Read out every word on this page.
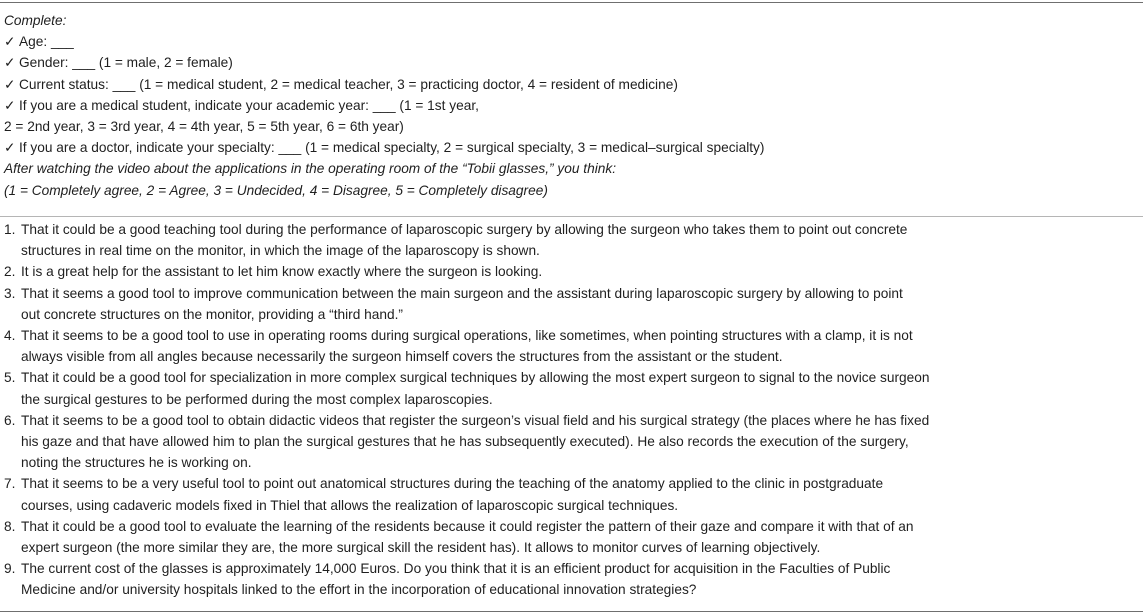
Complete:
✓ Age: ___
✓ Gender: ___ (1 = male, 2 = female)
✓ Current status: ___ (1 = medical student, 2 = medical teacher, 3 = practicing doctor, 4 = resident of medicine)
✓ If you are a medical student, indicate your academic year: ___ (1 = 1st year,
2 = 2nd year, 3 = 3rd year, 4 = 4th year, 5 = 5th year, 6 = 6th year)
✓ If you are a doctor, indicate your specialty: ___ (1 = medical specialty, 2 = surgical specialty, 3 = medical–surgical specialty)
After watching the video about the applications in the operating room of the “Tobii glasses,” you think:
(1 = Completely agree, 2 = Agree, 3 = Undecided, 4 = Disagree, 5 = Completely disagree)
1. That it could be a good teaching tool during the performance of laparoscopic surgery by allowing the surgeon who takes them to point out concrete
structures in real time on the monitor, in which the image of the laparoscopy is shown.
2. It is a great help for the assistant to let him know exactly where the surgeon is looking.
3. That it seems a good tool to improve communication between the main surgeon and the assistant during laparoscopic surgery by allowing to point
out concrete structures on the monitor, providing a “third hand.”
4. That it seems to be a good tool to use in operating rooms during surgical operations, like sometimes, when pointing structures with a clamp, it is not
always visible from all angles because necessarily the surgeon himself covers the structures from the assistant or the student.
5. That it could be a good tool for specialization in more complex surgical techniques by allowing the most expert surgeon to signal to the novice surgeon
the surgical gestures to be performed during the most complex laparoscopies.
6. That it seems to be a good tool to obtain didactic videos that register the surgeon’s visual field and his surgical strategy (the places where he has fixed
his gaze and that have allowed him to plan the surgical gestures that he has subsequently executed). He also records the execution of the surgery,
noting the structures he is working on.
7. That it seems to be a very useful tool to point out anatomical structures during the teaching of the anatomy applied to the clinic in postgraduate
courses, using cadaveric models fixed in Thiel that allows the realization of laparoscopic surgical techniques.
8. That it could be a good tool to evaluate the learning of the residents because it could register the pattern of their gaze and compare it with that of an
expert surgeon (the more similar they are, the more surgical skill the resident has). It allows to monitor curves of learning objectively.
9. The current cost of the glasses is approximately 14,000 Euros. Do you think that it is an efficient product for acquisition in the Faculties of Public
Medicine and/or university hospitals linked to the effort in the incorporation of educational innovation strategies?
